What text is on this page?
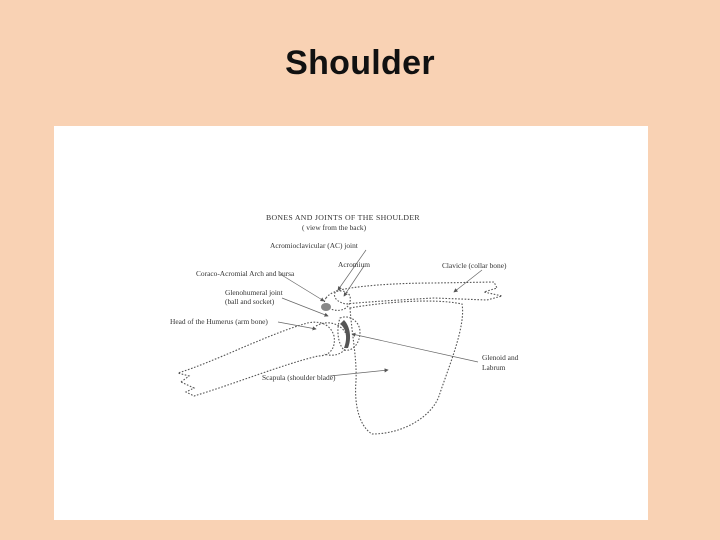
Shoulder
BONES AND JOINTS OF THE SHOULDER
( view from the back)
Acromioclavicular (AC) joint
Acromium
Coraco-Acromial Arch and bursa
Glenohumeral joint
(ball and socket)
Head of the Humerus (arm bone)
Clavicle (collar bone)
Glenoid and
Labrum
Scapula (shoulder blade)
